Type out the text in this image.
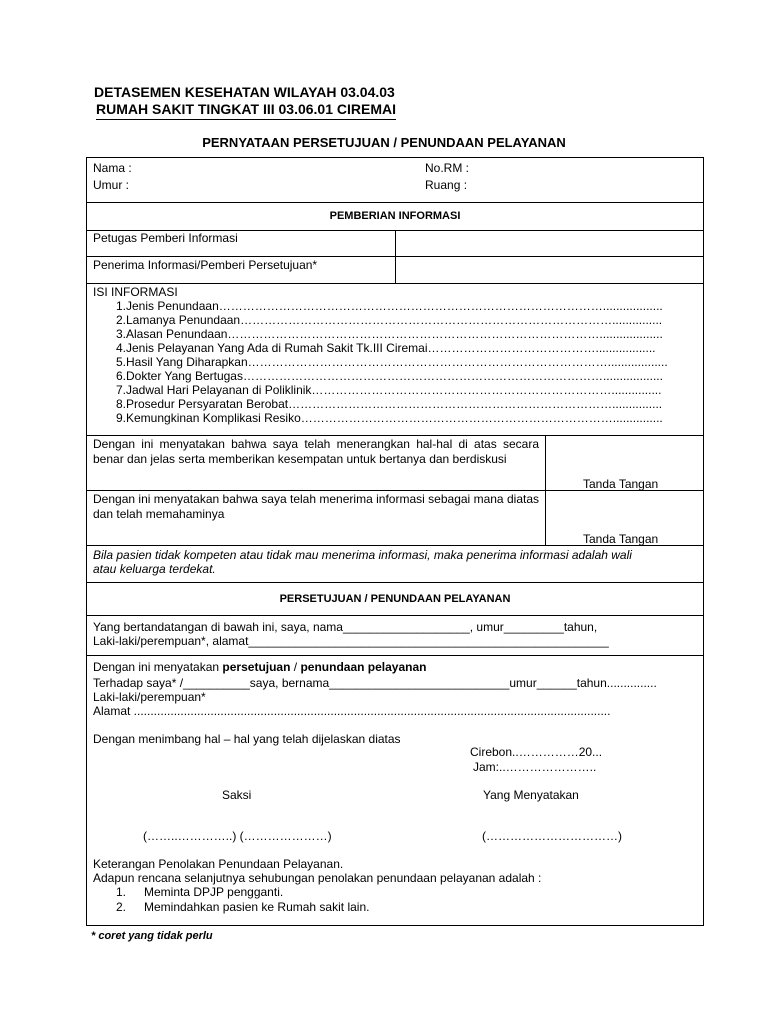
DETASEMEN KESEHATAN WILAYAH 03.04.03
RUMAH SAKIT TINGKAT III 03.06.01 CIREMAI
PERNYATAAN PERSETUJUAN / PENUNDAAN PELAYANAN
Nama :
Umur :
No.RM :
Ruang :
PEMBERIAN INFORMASI
Petugas Pemberi Informasi
Penerima Informasi/Pemberi Persetujuan*
ISI INFORMASI
1.Jenis Penundaan……………………………………………………………………………………..................
2.Lamanya Penundaan…………………………………………………………………………………...............
3.Alasan Penundaan…………………………………………………………………………………...................
4.Jenis Pelayanan Yang Ada di Rumah Sakit Tk.III Ciremai……………………………………..................
5.Hasil Yang Diharapkan………………………………………………………………………………..................
6.Dokter Yang Bertugas………………………………………………………………………………..................
7.Jadwal Hari Pelayanan di Poliklinik…………………………………………………………………...............
8.Prosedur Persyaratan Berobat………………………………………………………………………...............
9.Kemungkinan Komplikasi Resiko……………………………………………………………………...............
Dengan ini menyatakan bahwa saya telah menerangkan hal-hal di atas secara benar dan jelas serta memberikan kesempatan untuk bertanya dan berdiskusi
Tanda Tangan
Dengan ini menyatakan bahwa saya telah menerima informasi sebagai mana diatas dan telah memahaminya
Tanda Tangan
Bila pasien tidak kompeten atau tidak mau menerima informasi, maka penerima informasi adalah wali
atau keluarga terdekat.
PERSETUJUAN / PENUNDAAN PELAYANAN
Yang bertandatangan di bawah ini, saya, nama___________________, umur_________tahun,
Laki-laki/perempuan*, alamat______________________________________________________
Dengan ini menyatakan persetujuan / penundaan pelayanan
Terhadap saya* /__________saya, bernama___________________________umur______tahun...............
Laki-laki/perempuan*
Alamat ...............................................................................................................................................
Dengan menimbang hal – hal yang telah dijelaskan diatas
Cirebon..……………20...
Jam:..…………………..
Saksi	Yang Menyatakan
(……..…………..) (…………………)	(……………………………)
Keterangan Penolakan Penundaan Pelayanan.
Adapun rencana selanjutnya sehubungan penolakan penundaan pelayanan adalah :
1. Meminta DPJP pengganti.
2. Memindahkan pasien ke Rumah sakit lain.
* coret yang tidak perlu
